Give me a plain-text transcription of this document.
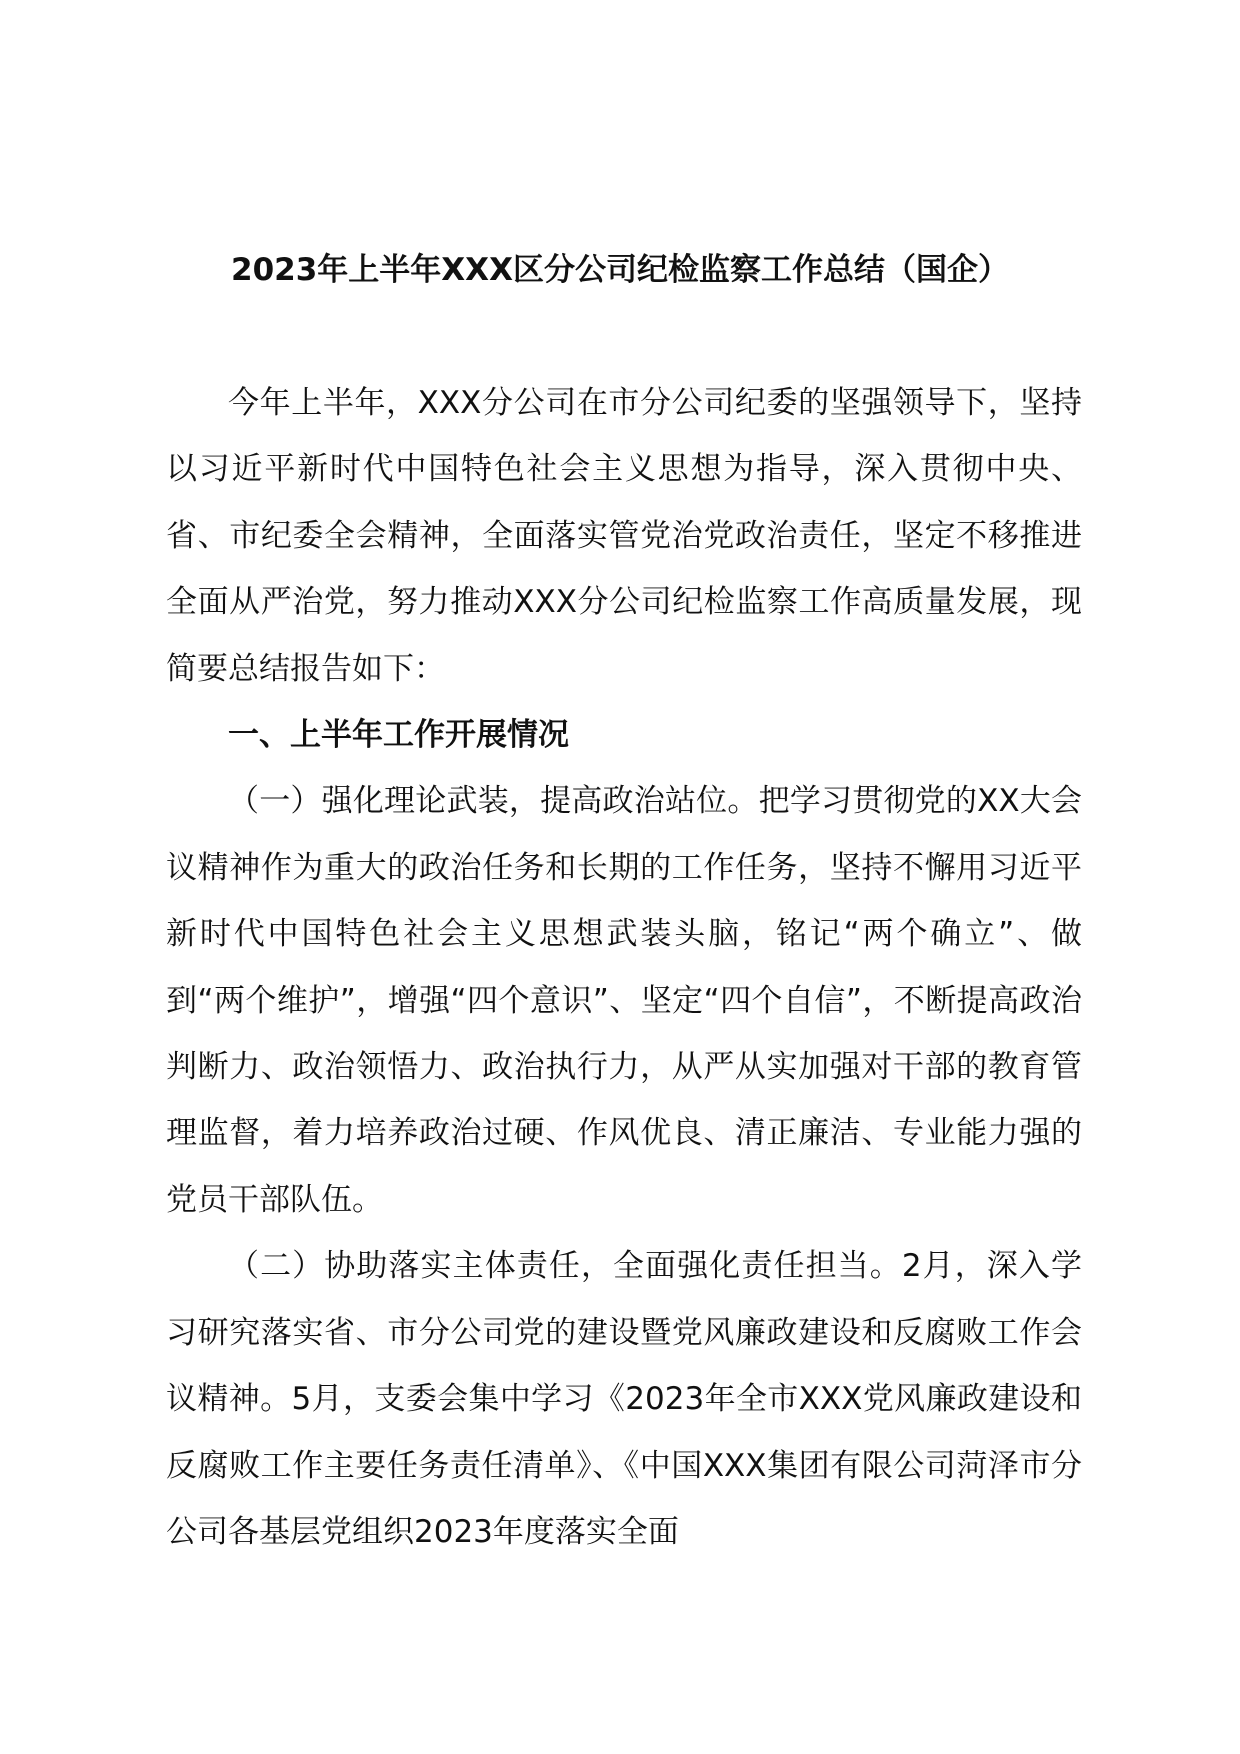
2023年上半年XXX区分公司纪检监察工作总结（国企）

今年上半年，XXX分公司在市分公司纪委的坚强领导下，坚持以习近平新时代中国特色社会主义思想为指导，深入贯彻中央、省、市纪委全会精神，全面落实管党治党政治责任，坚定不移推进全面从严治党，努力推动XXX分公司纪检监察工作高质量发展，现简要总结报告如下：

一、上半年工作开展情况

（一）强化理论武装，提高政治站位。把学习贯彻党的XX大会议精神作为重大的政治任务和长期的工作任务，坚持不懈用习近平新时代中国特色社会主义思想武装头脑，铭记“两个确立”、做到“两个维护”，增强“四个意识”、坚定“四个自信”，不断提高政治判断力、政治领悟力、政治执行力，从严从实加强对干部的教育管理监督，着力培养政治过硬、作风优良、清正廉洁、专业能力强的党员干部队伍。

（二）协助落实主体责任，全面强化责任担当。2月，深入学习研究落实省、市分公司党的建设暨党风廉政建设和反腐败工作会议精神。5月，支委会集中学习《2023年全市XXX党风廉政建设和反腐败工作主要任务责任清单》、《中国XXX集团有限公司菏泽市分公司各基层党组织2023年度落实全面
